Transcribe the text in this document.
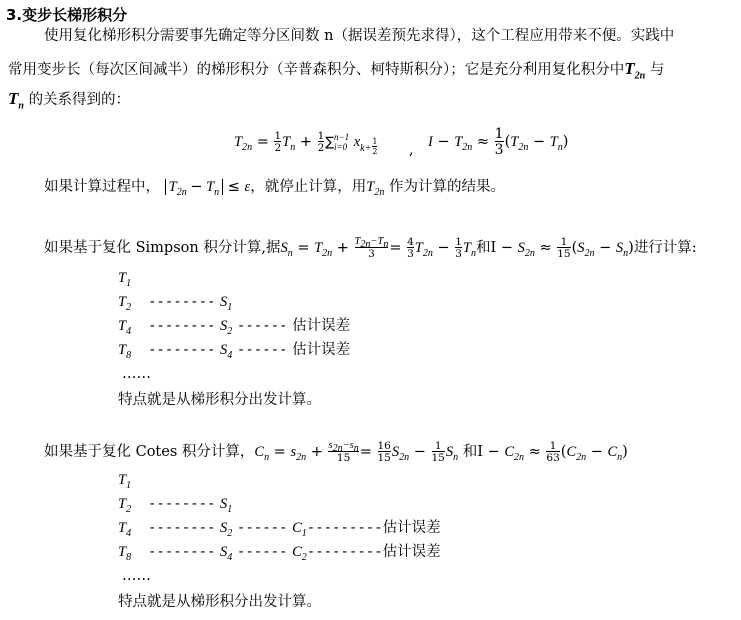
3.变步长梯形积分
使用复化梯形积分需要事先确定等分区间数 n（据误差预先求得），这个工程应用带来不便。实践中
常用变步长（每次区间减半）的梯形积分（辛普森积分、柯特斯积分）；它是充分利用复化积分中$T_{2n}$ 与
$T_n$ 的关系得到的：
$T_{2n} = \frac{1}{2} T_n + \frac{1}{2}$ ∑ n−1
i=0 $x_{k+} \frac{1}{2}$ , $I - T_{2n} \approx \frac{1}{3} (T_{2n} - T_n)$
如果计算过程中， $T_{2n} - T_n \le \varepsilon$，就停止计算，用$T_{2n}$ 作为计算的结果。
如果基于复化 Simpson 积分计算,据$S_n = T_{2n} + \frac{T_{2n}-T_n}{3} = \frac{4}{3} T_{2n} - \frac{1}{3} T_n$和$I - S_{2n} \approx \frac{1}{15} (S_{2n} - S_n)$进行计算:
$T_1$
$T_2$ -------- $S_1$
$T_4$ -------- $S_2$ ------ 估计误差
$T_8$ -------- $S_4$ ------ 估计误差
……
特点就是从梯形积分出发计算。
如果基于复化 Cotes 积分计算，$C_n = s_{2n} + \frac{s_{2n}-s_n}{15} = \frac{16}{15} S_{2n} - \frac{1}{15} S_n$ 和$I - C_{2n} \approx \frac{1}{63} (C_{2n} - C_n)$
$T_1$
$T_2$ -------- $S_1$
$T_4$ -------- $S_2$ ------ $C_1---------$估计误差
$T_8$ -------- $S_4$ ------ $C_2---------$估计误差
……
特点就是从梯形积分出发计算。
